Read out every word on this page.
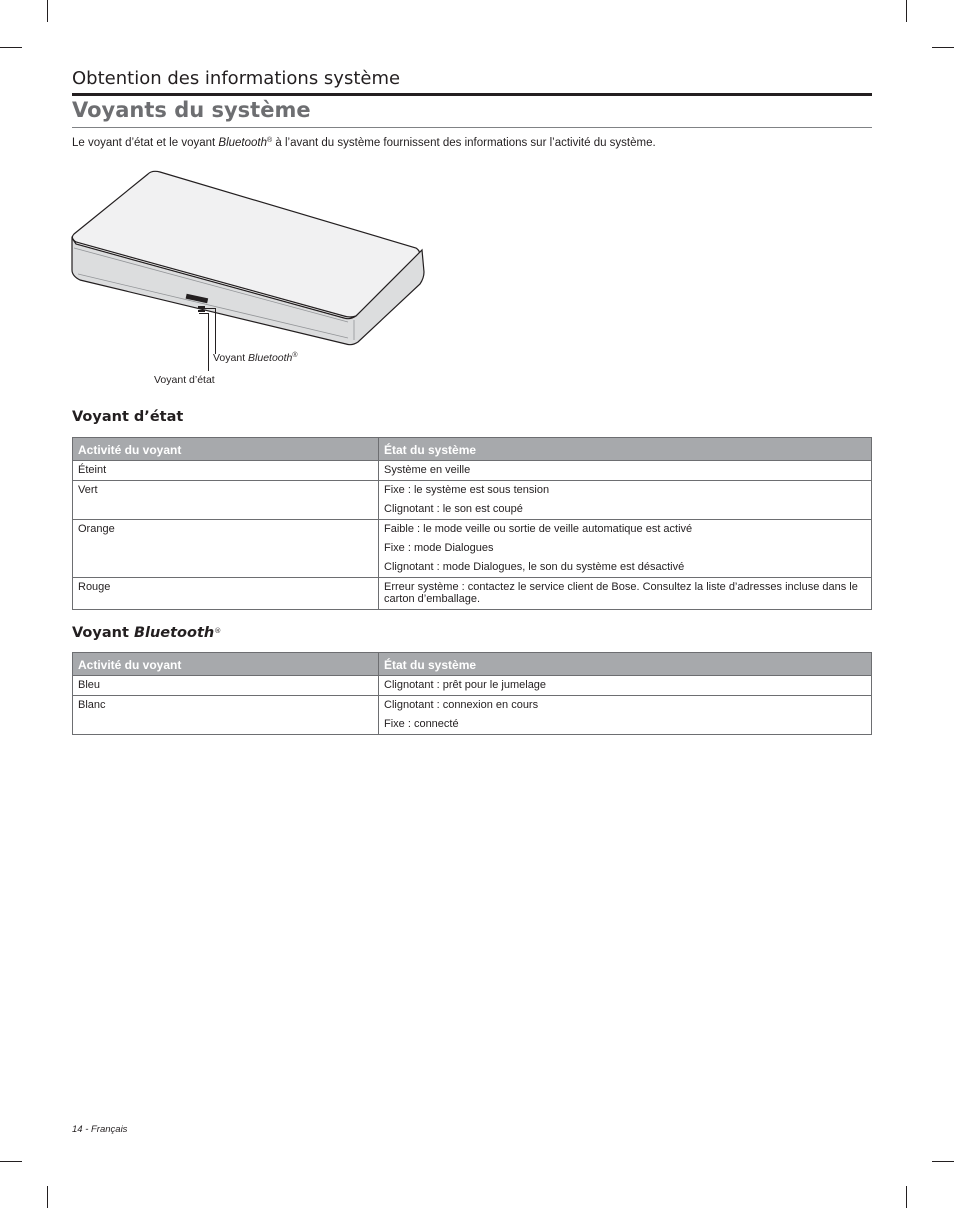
Obtention des informations système
Voyants du système

Le voyant d’état et le voyant Bluetooth® à l’avant du système fournissent des informations sur l’activité du système.

Voyant Bluetooth®
Voyant d’état
Voyant d’état
Activité du voyant	État du système
Éteint	Système en veille

Vert	Fixe : le système est sous tension
Clignotant : le son est coupé

Orange	Faible : le mode veille ou sortie de veille automatique est activé
Fixe : mode Dialogues
Clignotant : mode Dialogues, le son du système est désactivé

Rouge	Erreur système : contactez le service client de Bose. Consultez la liste d’adresses incluse dans le carton d’emballage.
Voyant Bluetooth®
Activité du voyant	État du système
Bleu	Clignotant : prêt pour le jumelage

Blanc	Clignotant : connexion en cours
Fixe : connecté
14 - Français
